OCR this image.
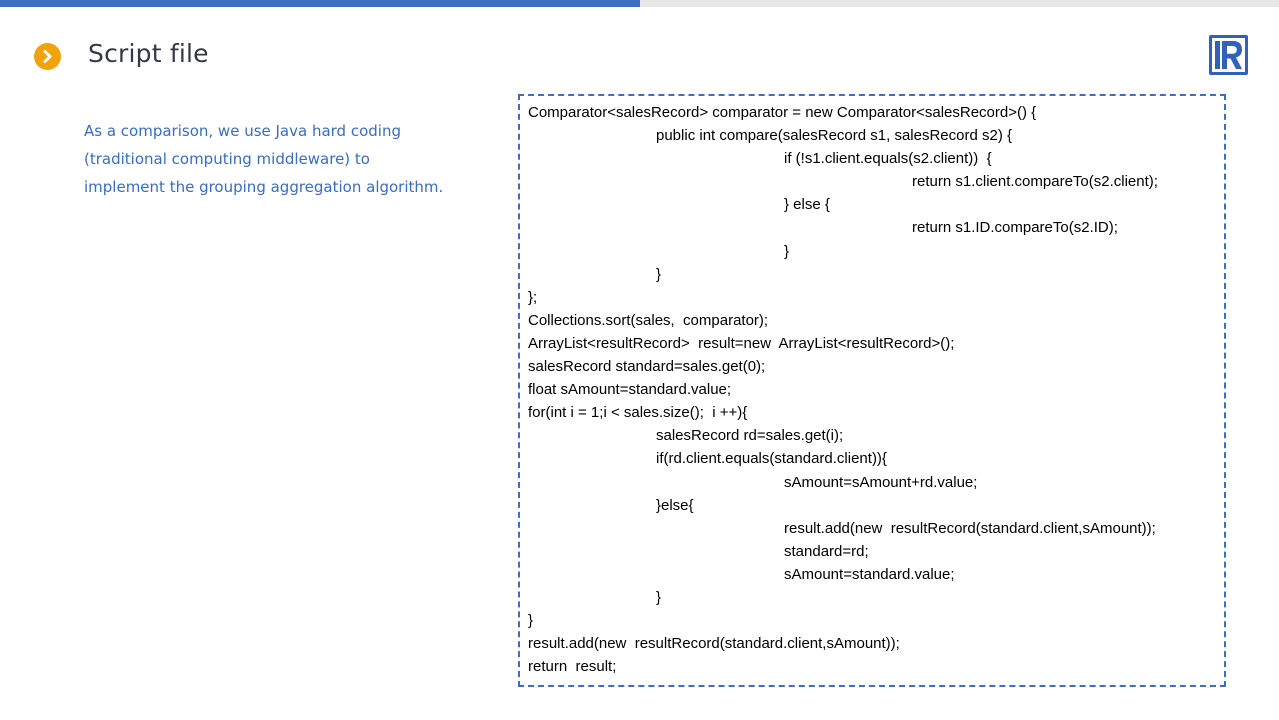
Script file
As a comparison, we use Java hard coding
(traditional computing middleware) to
implement the grouping aggregation algorithm.
Comparator<salesRecord> comparator = new Comparator<salesRecord>() {
public int compare(salesRecord s1, salesRecord s2) {
if (!s1.client.equals(s2.client))  {
return s1.client.compareTo(s2.client);
} else {
return s1.ID.compareTo(s2.ID);
}
}
};
Collections.sort(sales,  comparator);
ArrayList<resultRecord>  result=new  ArrayList<resultRecord>();
salesRecord standard=sales.get(0);
float sAmount=standard.value;
for(int i = 1;i < sales.size();  i ++){
salesRecord rd=sales.get(i);
if(rd.client.equals(standard.client)){
sAmount=sAmount+rd.value;
}else{
result.add(new  resultRecord(standard.client,sAmount));
standard=rd;
sAmount=standard.value;
}
}
result.add(new  resultRecord(standard.client,sAmount));
return  result;
